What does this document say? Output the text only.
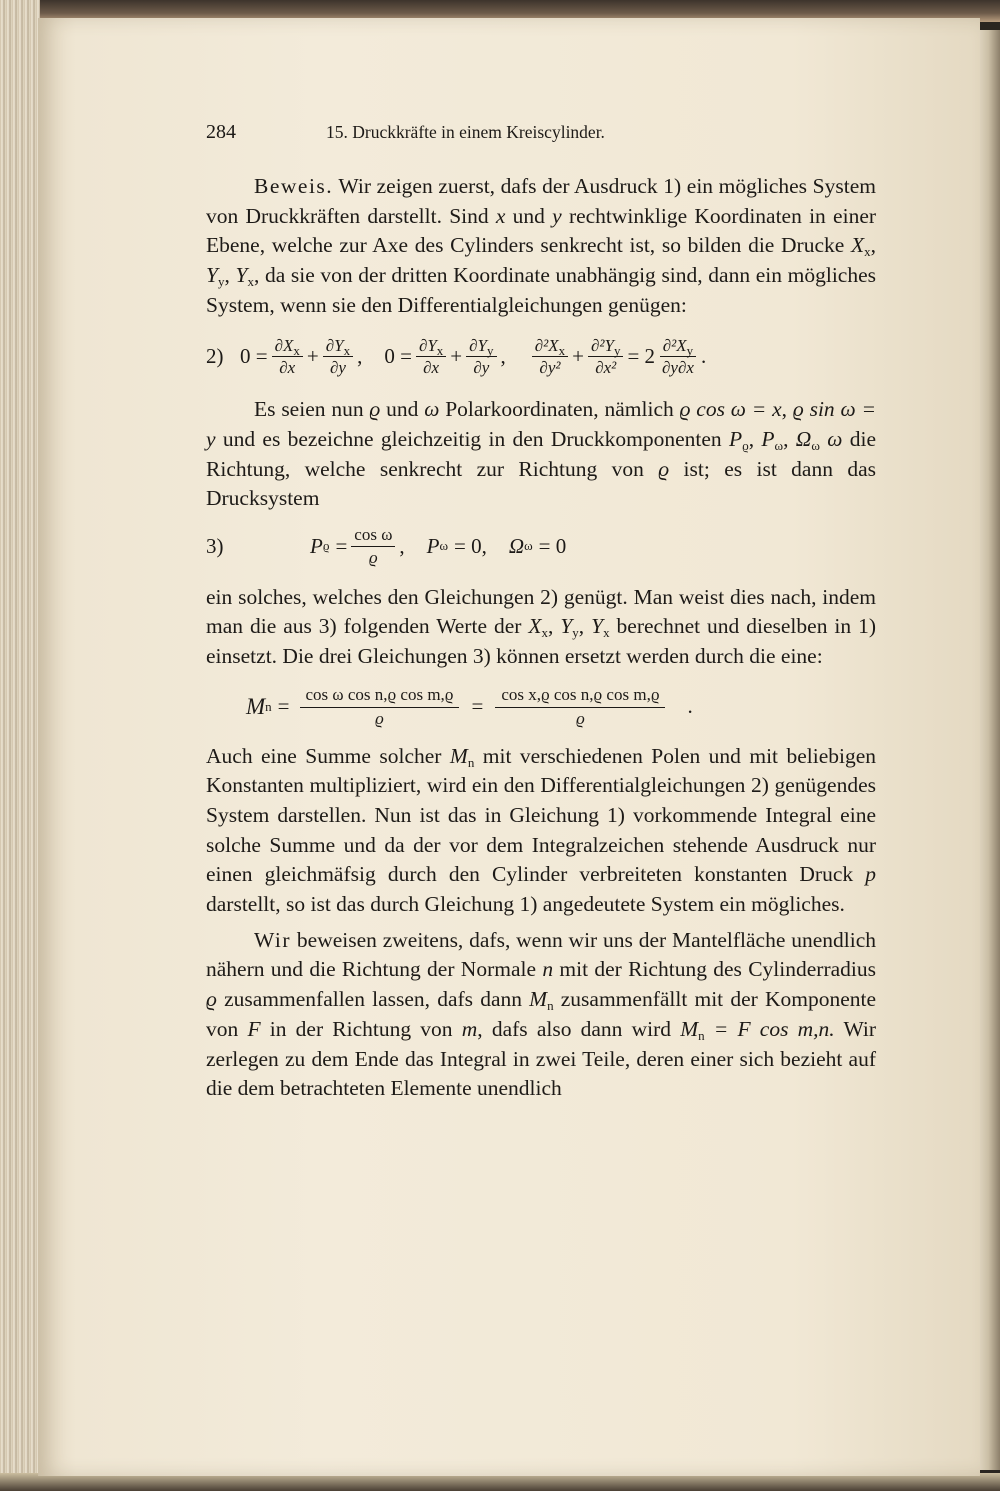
284	15. Druckkräfte in einem Kreiscylinder.

Beweis. Wir zeigen zuerst, dafs der Ausdruck 1) ein mögliches System von Druckkräften darstellt. Sind x und y rechtwinklige Koordinaten in einer Ebene, welche zur Axe des Cylinders senkrecht ist, so bilden die Drucke $X_x$, $Y_y$, $Y_x$, da sie von der dritten Koordinate unabhängig sind, dann ein mögliches System, wenn sie den Differentialgleichungen genügen:

2) $0 = \frac{\partial X_x}{\partial x} + \frac{\partial Y_x}{\partial y}$ , $0 = \frac{\partial Y_x}{\partial x} + \frac{\partial Y_y}{\partial y}$ , $\frac{\partial^2X_x}{\text{∂y²}} + \frac{\partial^2Y_y}{\text{∂x²}} = 2 \frac{\partial^2X_y}{\partial y\partial x}$ .

Es seien nun ϱ und ω Polarkoordinaten, nämlich ϱ cos ω = x, ϱ sin ω = y und es bezeichne gleichzeitig in den Druckkomponenten $P_ϱ$, $P_\omega$, $\Omega_\omega$ ω die Richtung, welche senkrecht zur Richtung von ϱ ist; es ist dann das Drucksystem

3)	P $ϱ = \frac{\text{cos ω}}{ϱ}$ , P ω = 0, Ω ω = 0

ein solches, welches den Gleichungen 2) genügt. Man weist dies nach, indem man die aus 3) folgenden Werte der $X_x$, $Y_y$, $Y_x$ berechnet und dieselben in 1) einsetzt. Die drei Gleichungen 3) können ersetzt werden durch die eine:

M $n = \frac{\text{cos ω cos n,ϱ cos m,ϱ}}{ϱ} = \frac{\text{cos x,ϱ cos n,ϱ cos m,ϱ}}{ϱ}$ .

Auch eine Summe solcher $M_n$ mit verschiedenen Polen und mit beliebigen Konstanten multipliziert, wird ein den Differentialgleichungen 2) genügendes System darstellen. Nun ist das in Gleichung 1) vorkommende Integral eine solche Summe und da der vor dem Integralzeichen stehende Ausdruck nur einen gleichmäfsig durch den Cylinder verbreiteten konstanten Druck p darstellt, so ist das durch Gleichung 1) angedeutete System ein mögliches.

Wir beweisen zweitens, dafs, wenn wir uns der Mantelfläche unendlich nähern und die Richtung der Normale n mit der Richtung des Cylinderradius ϱ zusammenfallen lassen, dafs dann $M_n$ zusammenfällt mit der Komponente von F in der Richtung von m, dafs also dann wird $M_n = F$ cos m,n. Wir zerlegen zu dem Ende das Integral in zwei Teile, deren einer sich bezieht auf die dem betrachteten Elemente unendlich
